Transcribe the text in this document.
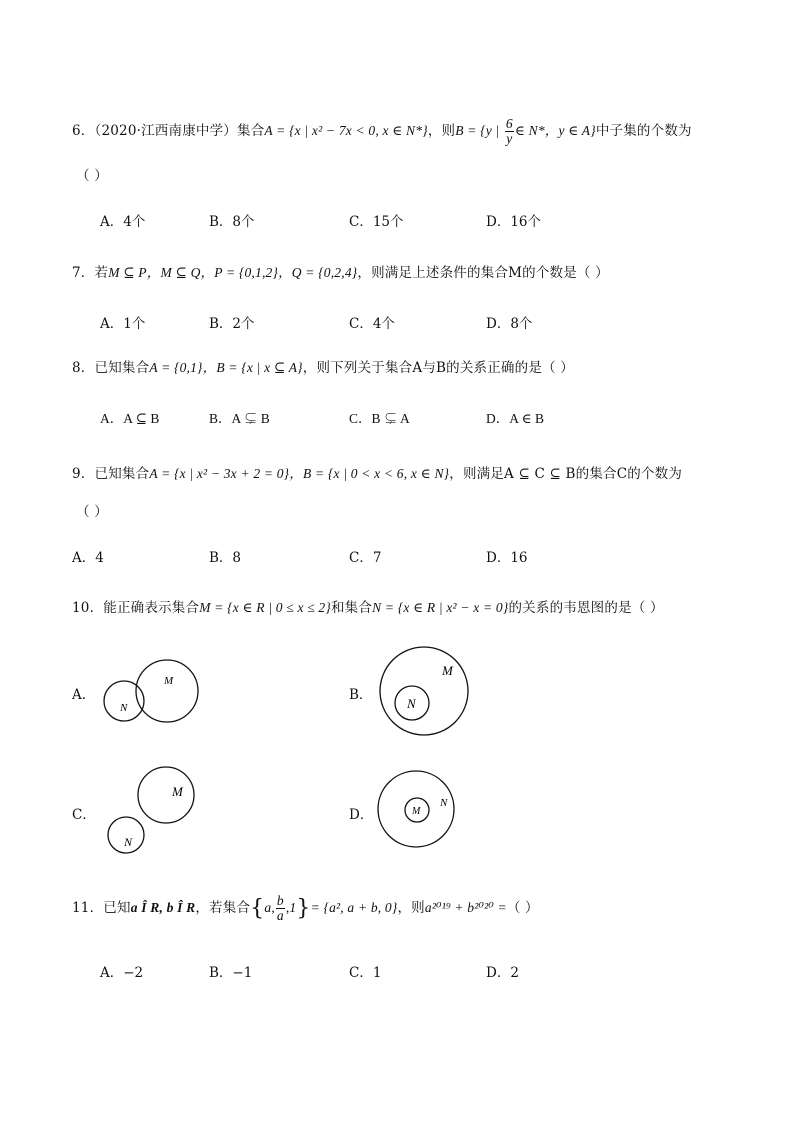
6．（2020·江西南康中学）集合A = {x | x² − 7x < 0, x ∈ N*}，则B = {y | $\frac{6}{y}$ ∈ N*，y ∈ A}中子集的个数为
（ ）
A．4个	B．8个	C．15个	D．16个
7．若M ⊆ P，M ⊆ Q，P = {0,1,2}，Q = {0,2,4}，则满足上述条件的集合M的个数是（ ）
A．1个	B．2个	C．4个	D．8个
8．已知集合A = {0,1}，B = {x | x ⊆ A}，则下列关于集合A与B的关系正确的是（ ）
A．A ⊆ B	B．A ⊊ B	C．B ⊊ A	D．A ∈ B
9．已知集合A = {x | x² − 3x + 2 = 0}，B = {x | 0 < x < 6, x ∈ N}，则满足A ⊆ C ⊆ B的集合C的个数为
（ ）
A．4	B．8	C．7	D．16
10．能正确表示集合M = {x ∈ R | 0 ≤ x ≤ 2}和集合N = {x ∈ R | x² − x = 0}的关系的韦恩图的是（ ）
A．
M
N
B．
M
N
C．
M
N
D．	M
N
11．已知a Î R, b Î R，若集合{a, $\frac{b}{a} ,1\}= \{a^2$, a + b, 0}，则a²⁰¹⁹ + b²⁰²⁰ =（ ）
A．−2	B．−1	C．1	D．2
